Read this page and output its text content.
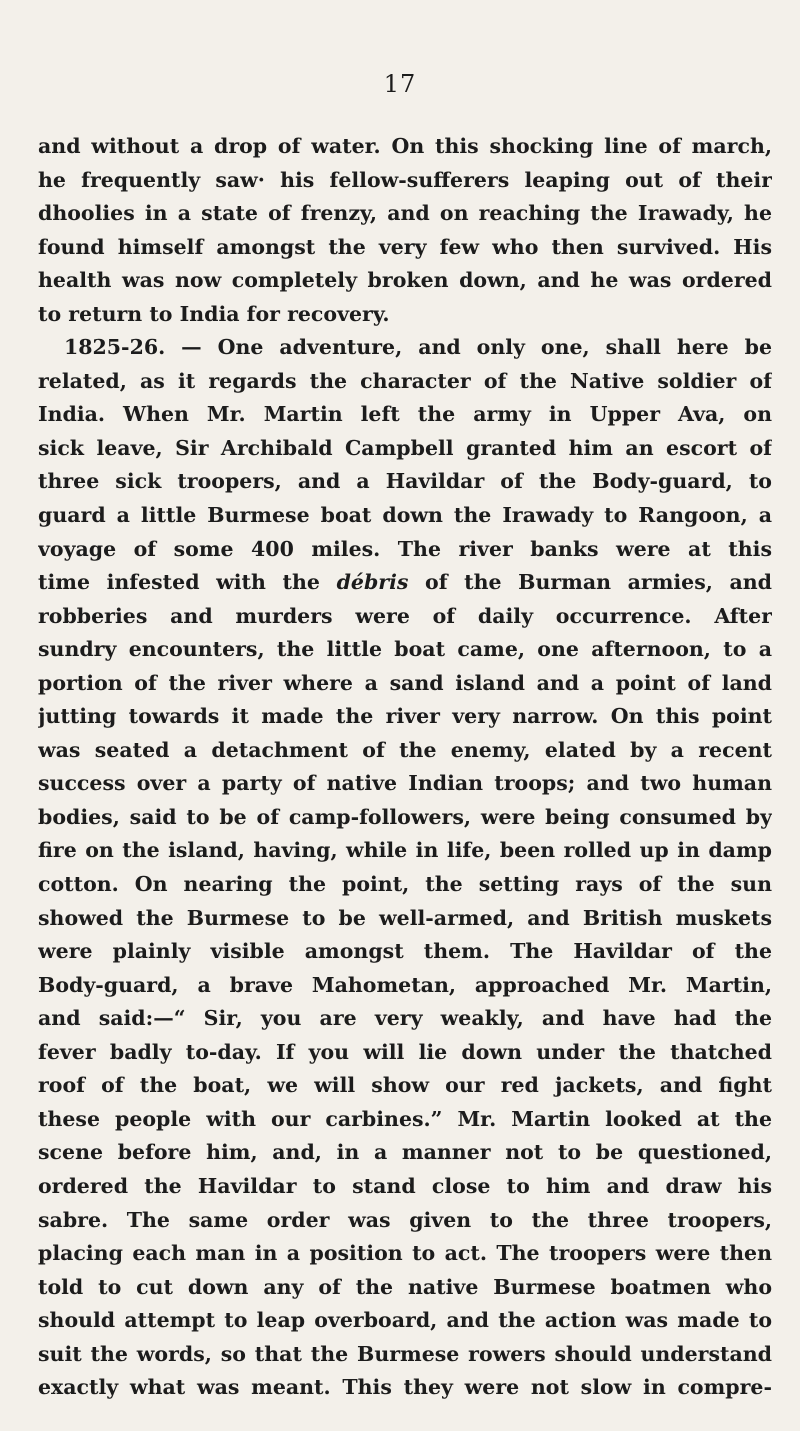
17
and without a drop of water. On this shocking line of march,
he frequently saw· his fellow-sufferers leaping out of their
dhoolies in a state of frenzy, and on reaching the Irawady, he
found himself amongst the very few who then survived. His
health was now completely broken down, and he was ordered
to return to India for recovery.
1825-26. — One adventure, and only one, shall here be
related, as it regards the character of the Native soldier of
India. When Mr. Martin left the army in Upper Ava, on
sick leave, Sir Archibald Campbell granted him an escort of
three sick troopers, and a Havildar of the Body-guard, to
guard a little Burmese boat down the Irawady to Rangoon, a
voyage of some 400 miles. The river banks were at this
time infested with the débris of the Burman armies, and
robberies and murders were of daily occurrence. After
sundry encounters, the little boat came, one afternoon, to a
portion of the river where a sand island and a point of land
jutting towards it made the river very narrow. On this point
was seated a detachment of the enemy, elated by a recent
success over a party of native Indian troops; and two human
bodies, said to be of camp-followers, were being consumed by
fire on the island, having, while in life, been rolled up in damp
cotton. On nearing the point, the setting rays of the sun
showed the Burmese to be well-armed, and British muskets
were plainly visible amongst them. The Havildar of the
Body-guard, a brave Mahometan, approached Mr. Martin,
and said:—“ Sir, you are very weakly, and have had the
fever badly to-day. If you will lie down under the thatched
roof of the boat, we will show our red jackets, and fight
these people with our carbines.” Mr. Martin looked at the
scene before him, and, in a manner not to be questioned,
ordered the Havildar to stand close to him and draw his
sabre. The same order was given to the three troopers,
placing each man in a position to act. The troopers were then
told to cut down any of the native Burmese boatmen who
should attempt to leap overboard, and the action was made to
suit the words, so that the Burmese rowers should understand
exactly what was meant. This they were not slow in compre-
